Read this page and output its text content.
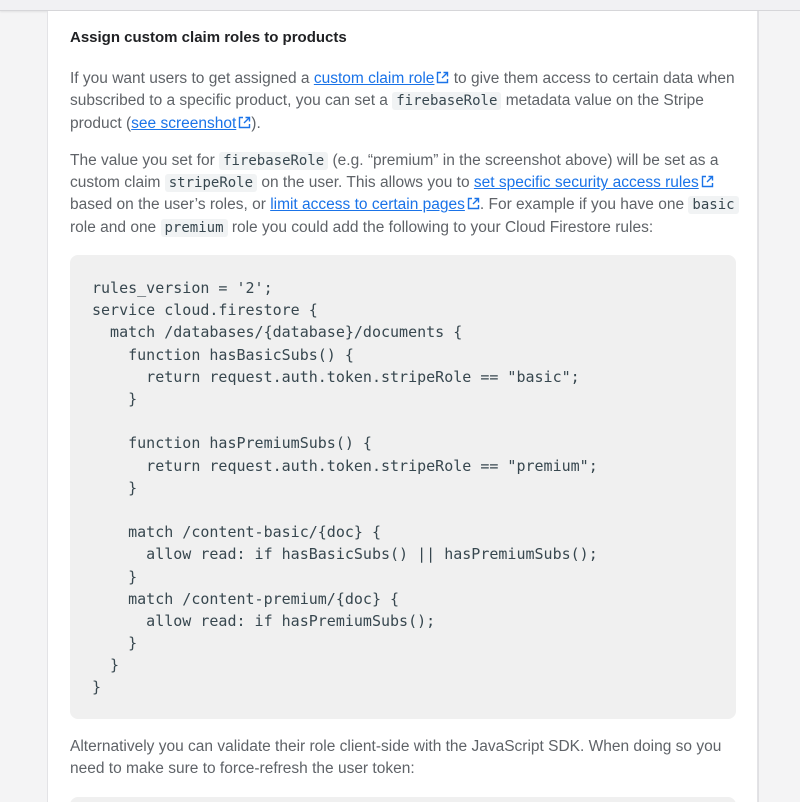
Assign custom claim roles to products

If you want users to get assigned a custom claim role to give them access to certain data when subscribed to a specific product, you can set a firebaseRole metadata value on the Stripe product (see screenshot ).

The value you set for firebaseRole (e.g. “premium” in the screenshot above) will be set as a custom claim stripeRole on the user. This allows you to set specific security access rules based on the user’s roles, or limit access to certain pages . For example if you have one basic role and one premium role you could add the following to your Cloud Firestore rules:

rules_version = '2';
service cloud.firestore {
match /databases/{database}/documents {
function hasBasicSubs() {
return request.auth.token.stripeRole == "basic";
}
function hasPremiumSubs() {
return request.auth.token.stripeRole == "premium";
}
match /content-basic/{doc} {
allow read: if hasBasicSubs() || hasPremiumSubs();
}
match /content-premium/{doc} {
allow read: if hasPremiumSubs();
}
}
}

Alternatively you can validate their role client-side with the JavaScript SDK. When doing so you need to make sure to force-refresh the user token:
